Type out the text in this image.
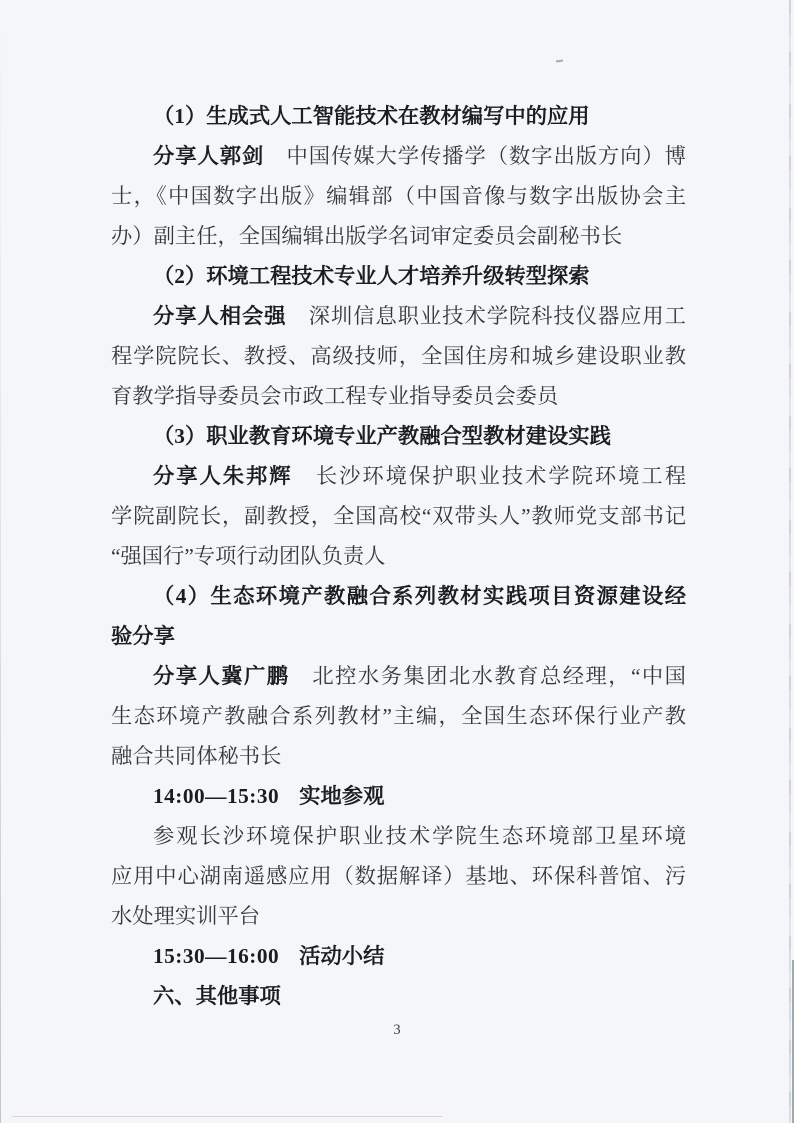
（1）生成式人工智能技术在教材编写中的应用
分享人郭剑　中国传媒大学传播学（数字出版方向）博
士，《中国数字出版》编辑部（中国音像与数字出版协会主
办）副主任，全国编辑出版学名词审定委员会副秘书长
（2）环境工程技术专业人才培养升级转型探索
分享人相会强　深圳信息职业技术学院科技仪器应用工
程学院院长、教授、高级技师，全国住房和城乡建设职业教
育教学指导委员会市政工程专业指导委员会委员
（3）职业教育环境专业产教融合型教材建设实践
分享人朱邦辉　长沙环境保护职业技术学院环境工程
学院副院长，副教授，全国高校“双带头人”教师党支部书记
“强国行”专项行动团队负责人
（4）生态环境产教融合系列教材实践项目资源建设经
验分享
分享人冀广鹏　北控水务集团北水教育总经理，“中国
生态环境产教融合系列教材”主编，全国生态环保行业产教
融合共同体秘书长
14:00—15:30 实地参观
参观长沙环境保护职业技术学院生态环境部卫星环境
应用中心湖南遥感应用（数据解译）基地、环保科普馆、污
水处理实训平台
15:30—16:00 活动小结
六、其他事项
3
